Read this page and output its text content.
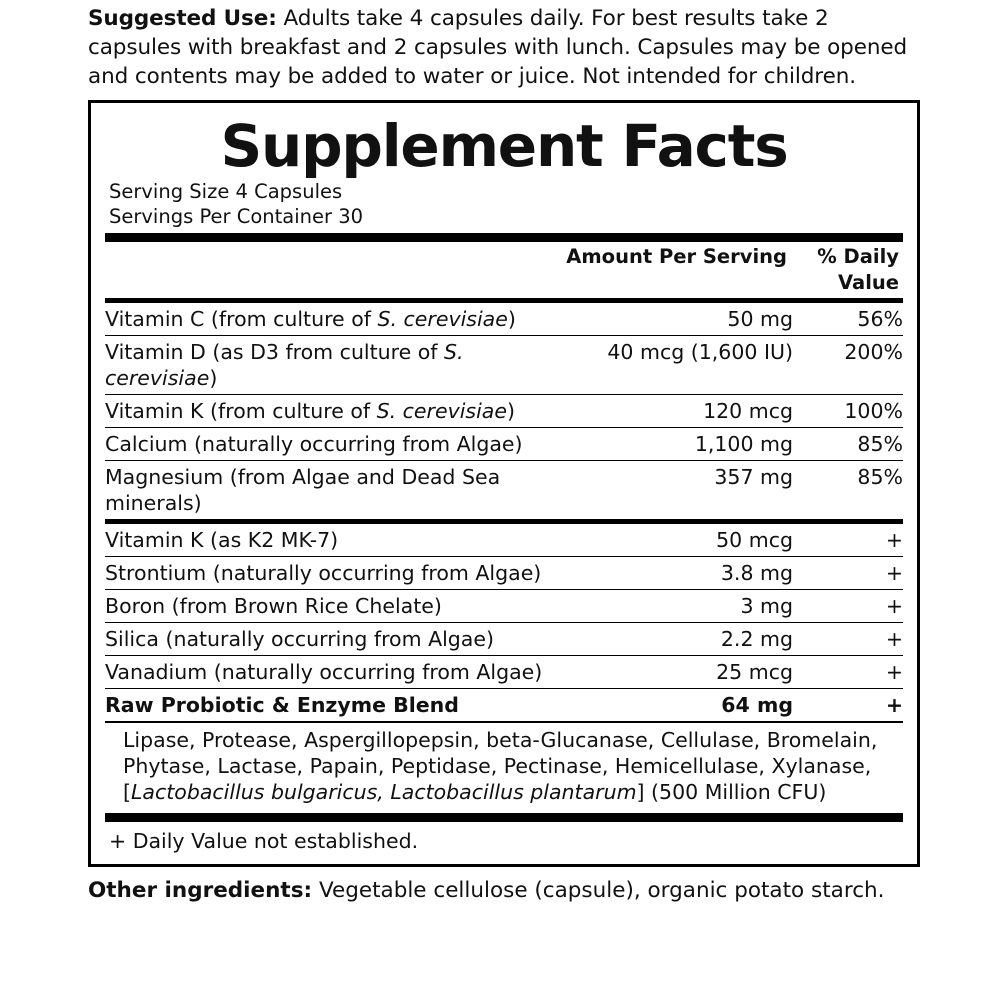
Suggested Use: Adults take 4 capsules daily. For best results take 2 capsules with breakfast and 2 capsules with lunch. Capsules may be opened and contents may be added to water or juice. Not intended for children.
Supplement Facts
Serving Size 4 Capsules
Servings Per Container 30
	Amount Per Serving	% Daily Value
Vitamin C (from culture of S. cerevisiae)	50 mg	56%
Vitamin D (as D3 from culture of S. cerevisiae)	40 mcg (1,600 IU)	200%
Vitamin K (from culture of S. cerevisiae)	120 mcg	100%
Calcium (naturally occurring from Algae)	1,100 mg	85%
Magnesium (from Algae and Dead Sea minerals)	357 mg	85%
Vitamin K (as K2 MK-7)	50 mcg	+
Strontium (naturally occurring from Algae)	3.8 mg	+
Boron (from Brown Rice Chelate)	3 mg	+
Silica (naturally occurring from Algae)	2.2 mg	+
Vanadium (naturally occurring from Algae)	25 mcg	+
Raw Probiotic & Enzyme Blend	64 mg	+
Lipase, Protease, Aspergillopepsin, beta-Glucanase, Cellulase, Bromelain, Phytase, Lactase, Papain, Peptidase, Pectinase, Hemicellulase, Xylanase, [Lactobacillus bulgaricus, Lactobacillus plantarum] (500 Million CFU)
+ Daily Value not established.
Other ingredients: Vegetable cellulose (capsule), organic potato starch.
